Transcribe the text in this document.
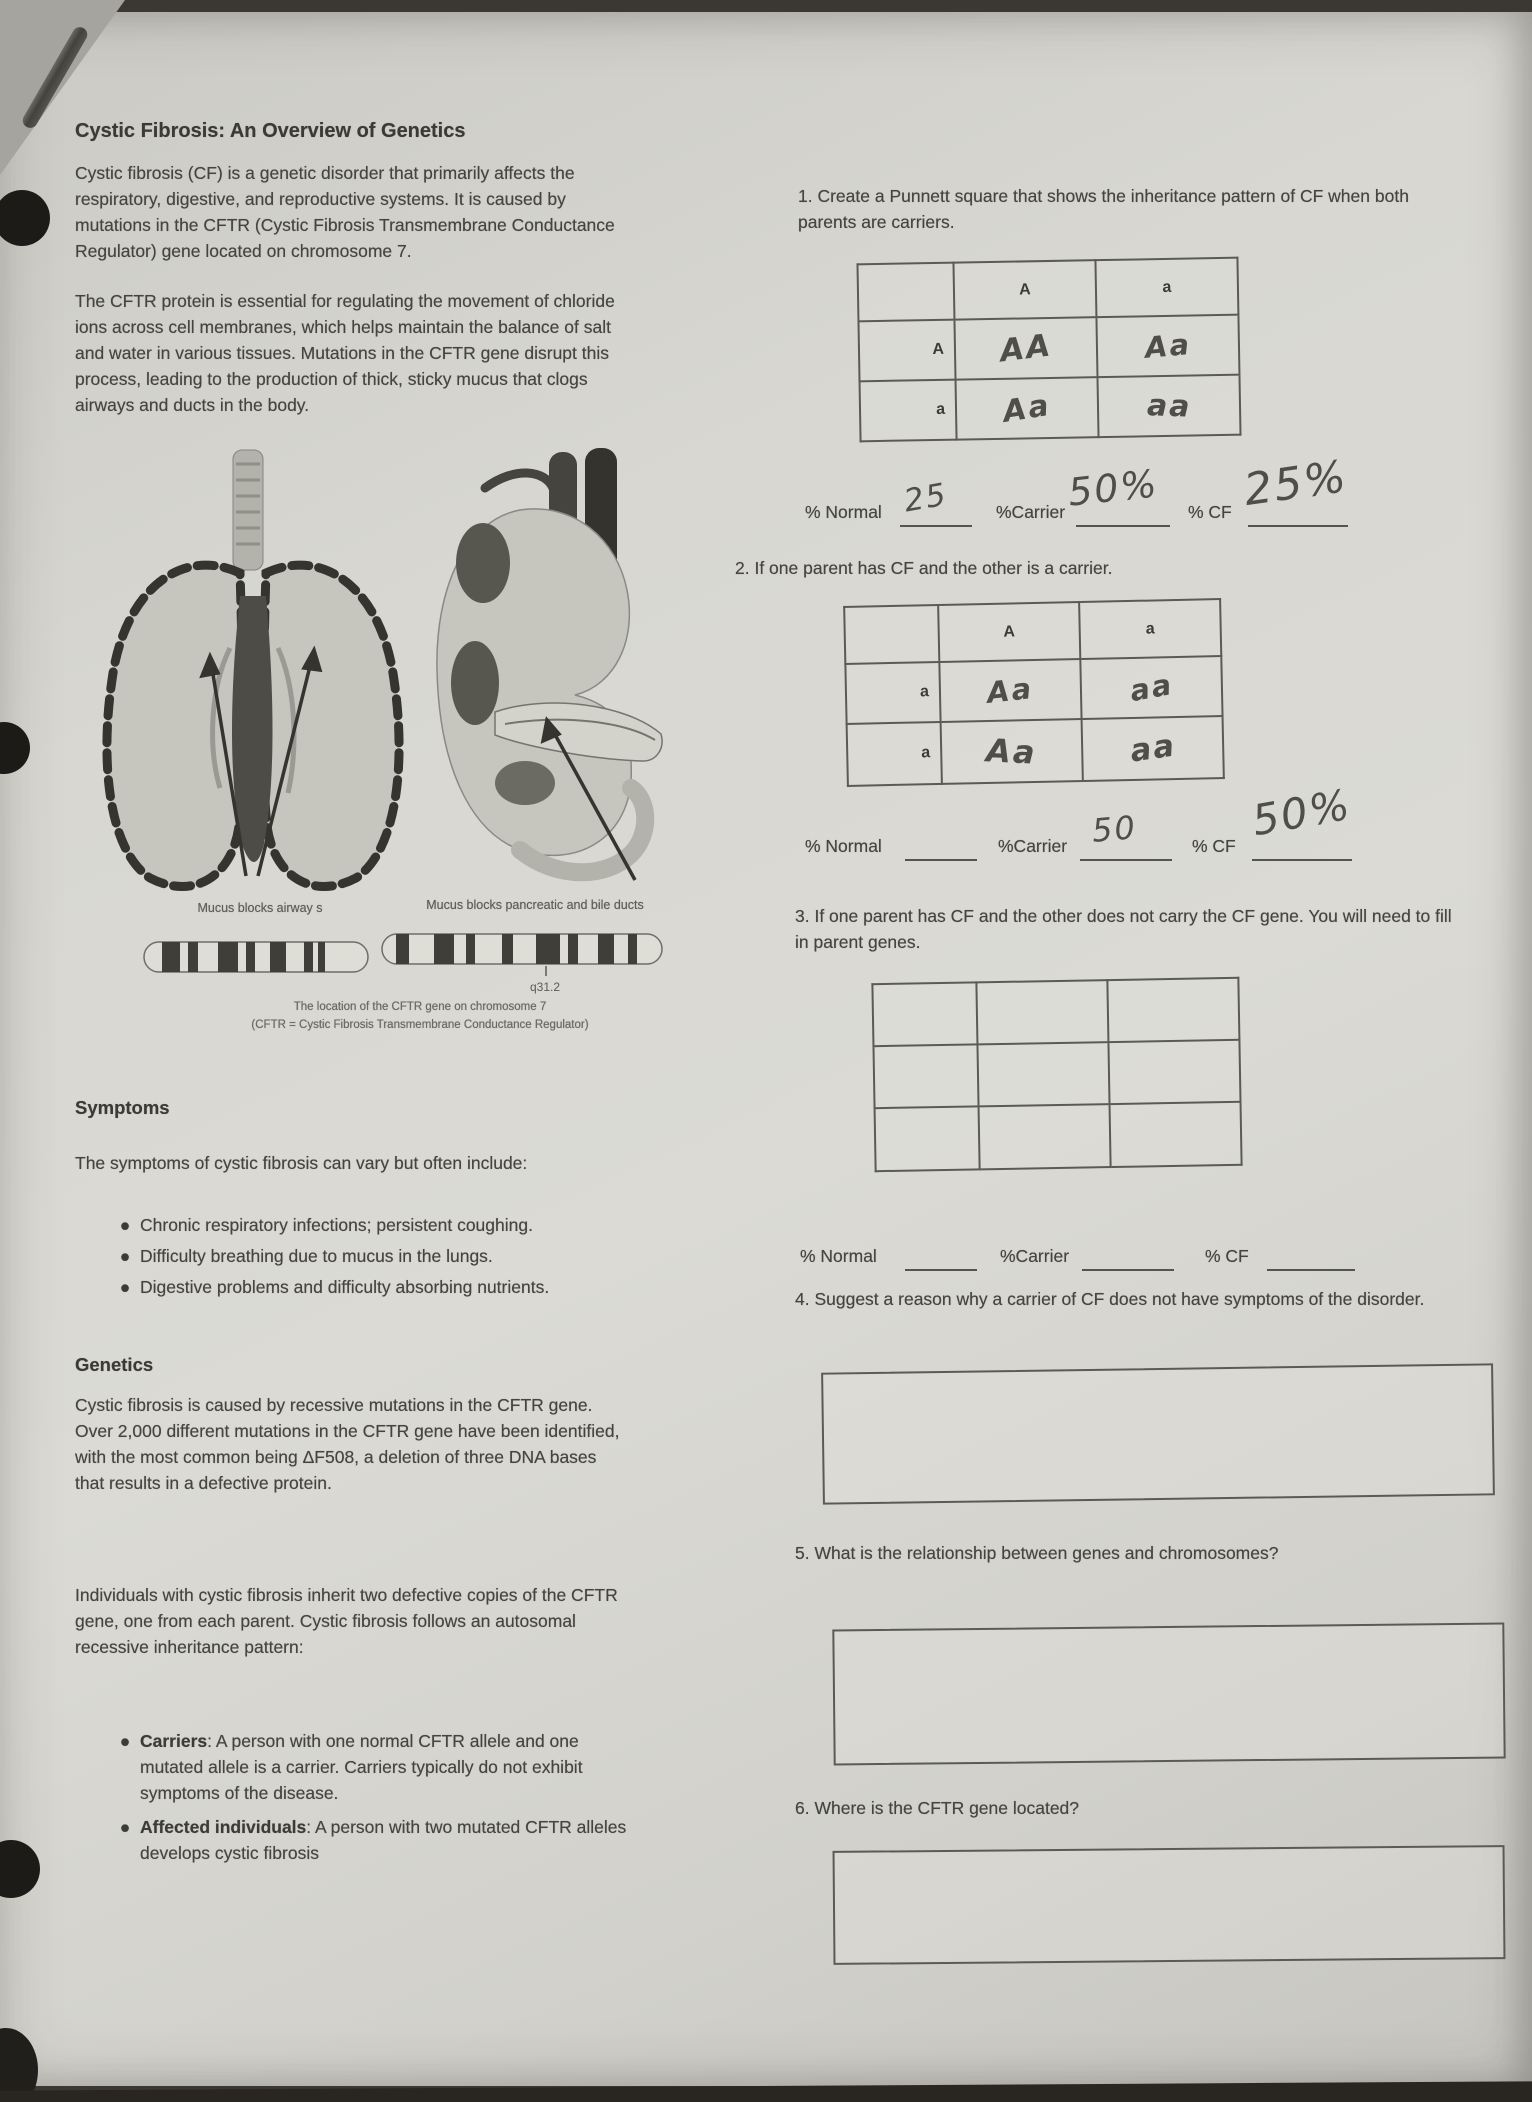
Cystic Fibrosis: An Overview of Genetics
Cystic fibrosis (CF) is a genetic disorder that primarily affects the respiratory, digestive, and reproductive systems. It is caused by mutations in the CFTR (Cystic Fibrosis Transmembrane Conductance Regulator) gene located on chromosome 7.
The CFTR protein is essential for regulating the movement of chloride ions across cell membranes, which helps maintain the balance of salt and water in various tissues. Mutations in the CFTR gene disrupt this process, leading to the production of thick, sticky mucus that clogs airways and ducts in the body.
Mucus blocks airway s	Mucus blocks pancreatic and bile ducts
q31.2
The location of the CFTR gene on chromosome 7
(CFTR = Cystic Fibrosis Transmembrane Conductance Regulator)
Symptoms
The symptoms of cystic fibrosis can vary but often include:
● Chronic respiratory infections; persistent coughing.
● Difficulty breathing due to mucus in the lungs.
● Digestive problems and difficulty absorbing nutrients.
Genetics
Cystic fibrosis is caused by recessive mutations in the CFTR gene. Over 2,000 different mutations in the CFTR gene have been identified, with the most common being ΔF508, a deletion of three DNA bases that results in a defective protein.
Individuals with cystic fibrosis inherit two defective copies of the CFTR gene, one from each parent. Cystic fibrosis follows an autosomal recessive inheritance pattern:
● Carriers: A person with one normal CFTR allele and one mutated allele is a carrier. Carriers typically do not exhibit symptoms of the disease.
● Affected individuals: A person with two mutated CFTR alleles develops cystic fibrosis
1. Create a Punnett square that shows the inheritance pattern of CF when both parents are carriers.
	A	a
A	AA	Aa
a	Aa	aa
% Normal 25	%Carrier 50% % CF 25%
2. If one parent has CF and the other is a carrier.
	A	a
a	Aa	aa
a	Aa	aa
% Normal	%Carrier 50	% CF
50%
3. If one parent has CF and the other does not carry the CF gene. You will need to fill in parent genes.

% Normal	%Carrier	% CF
4. Suggest a reason why a carrier of CF does not have symptoms of the disorder.
5. What is the relationship between genes and chromosomes?
6. Where is the CFTR gene located?
